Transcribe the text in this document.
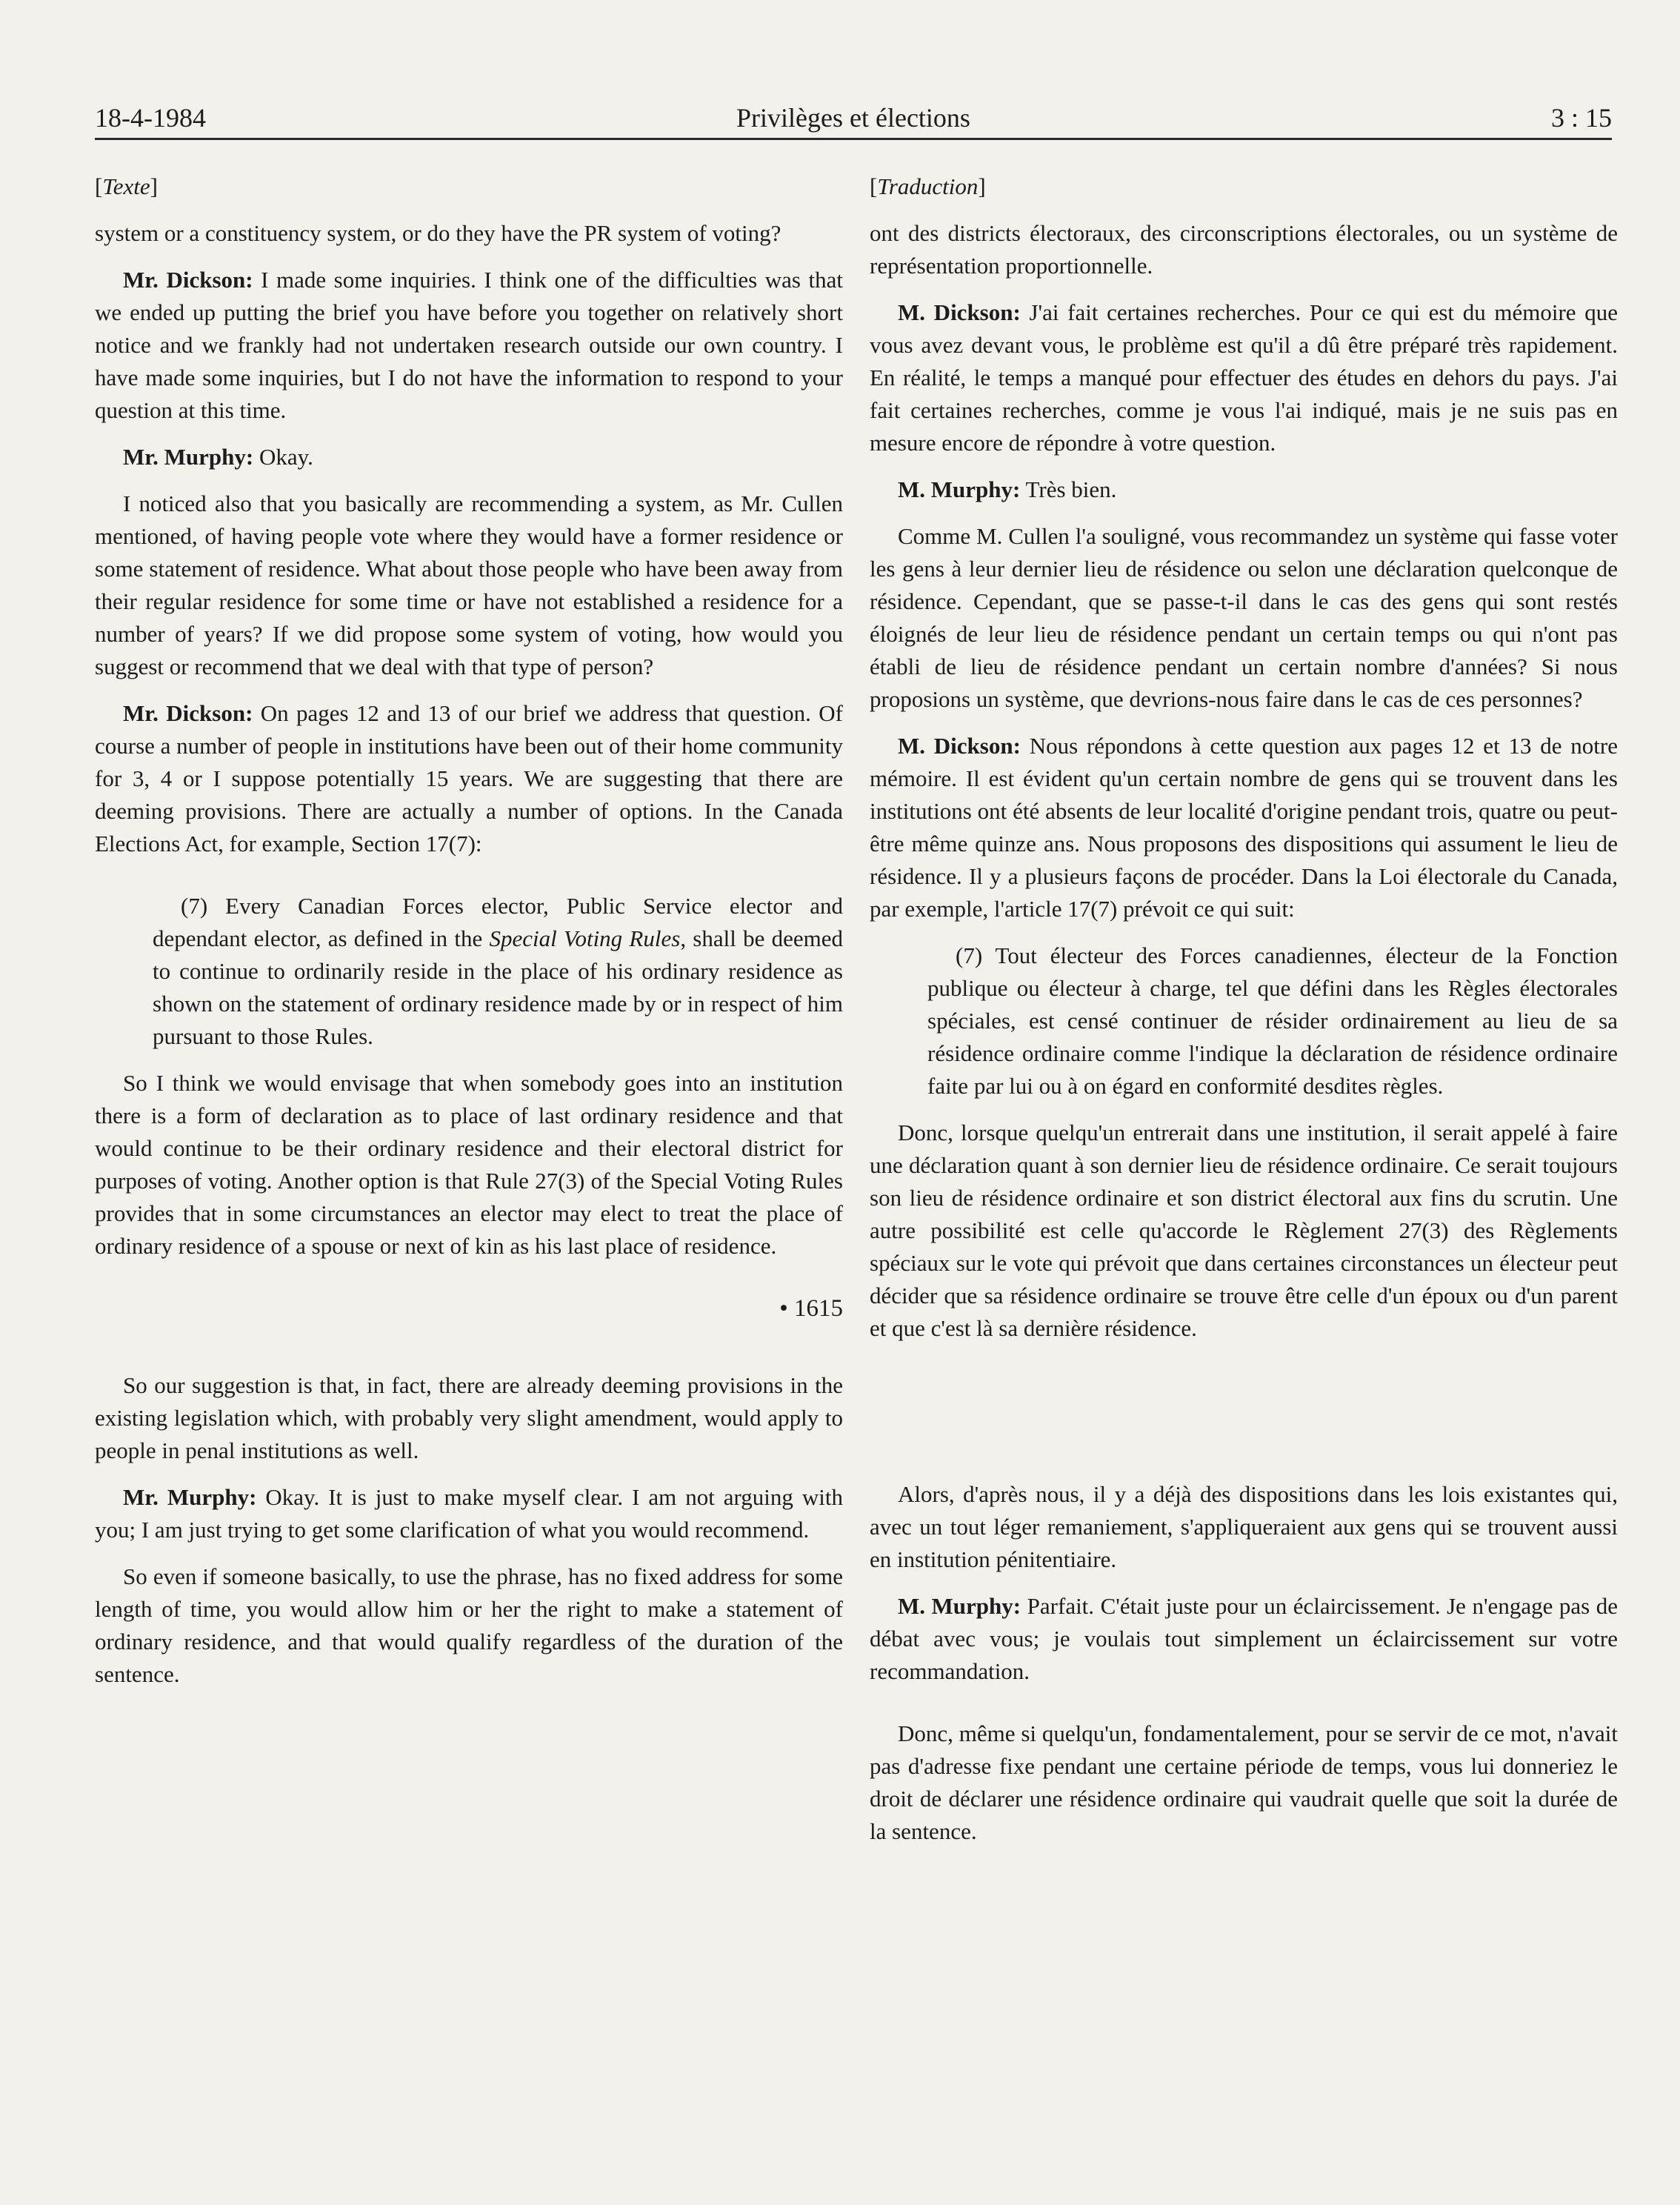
18-4-1984	Privilèges et élections	3 : 15

[Texte]

system or a constituency system, or do they have the PR system of voting?

Mr. Dickson: I made some inquiries. I think one of the difficulties was that we ended up putting the brief you have before you together on relatively short notice and we frankly had not undertaken research outside our own country. I have made some inquiries, but I do not have the information to respond to your question at this time.

Mr. Murphy: Okay.

I noticed also that you basically are recommending a system, as Mr. Cullen mentioned, of having people vote where they would have a former residence or some statement of residence. What about those people who have been away from their regular residence for some time or have not established a residence for a number of years? If we did propose some system of voting, how would you suggest or recommend that we deal with that type of person?

Mr. Dickson: On pages 12 and 13 of our brief we address that question. Of course a number of people in institutions have been out of their home community for 3, 4 or I suppose potentially 15 years. We are suggesting that there are deeming provisions. There are actually a number of options. In the Canada Elections Act, for example, Section 17(7):

(7) Every Canadian Forces elector, Public Service elector and dependant elector, as defined in the Special Voting Rules, shall be deemed to continue to ordinarily reside in the place of his ordinary residence as shown on the statement of ordinary residence made by or in respect of him pursuant to those Rules.

So I think we would envisage that when somebody goes into an institution there is a form of declaration as to place of last ordinary residence and that would continue to be their ordinary residence and their electoral district for purposes of voting. Another option is that Rule 27(3) of the Special Voting Rules provides that in some circumstances an elector may elect to treat the place of ordinary residence of a spouse or next of kin as his last place of residence.

• 1615

So our suggestion is that, in fact, there are already deeming provisions in the existing legislation which, with probably very slight amendment, would apply to people in penal institutions as well.

Mr. Murphy: Okay. It is just to make myself clear. I am not arguing with you; I am just trying to get some clarification of what you would recommend.

So even if someone basically, to use the phrase, has no fixed address for some length of time, you would allow him or her the right to make a statement of ordinary residence, and that would qualify regardless of the duration of the sentence.

[Traduction]

ont des districts électoraux, des circonscriptions électorales, ou un système de représentation proportionnelle.

M. Dickson: J'ai fait certaines recherches. Pour ce qui est du mémoire que vous avez devant vous, le problème est qu'il a dû être préparé très rapidement. En réalité, le temps a manqué pour effectuer des études en dehors du pays. J'ai fait certaines recherches, comme je vous l'ai indiqué, mais je ne suis pas en mesure encore de répondre à votre question.

M. Murphy: Très bien.

Comme M. Cullen l'a souligné, vous recommandez un système qui fasse voter les gens à leur dernier lieu de résidence ou selon une déclaration quelconque de résidence. Cependant, que se passe-t-il dans le cas des gens qui sont restés éloignés de leur lieu de résidence pendant un certain temps ou qui n'ont pas établi de lieu de résidence pendant un certain nombre d'années? Si nous proposions un système, que devrions-nous faire dans le cas de ces personnes?

M. Dickson: Nous répondons à cette question aux pages 12 et 13 de notre mémoire. Il est évident qu'un certain nombre de gens qui se trouvent dans les institutions ont été absents de leur localité d'origine pendant trois, quatre ou peut-être même quinze ans. Nous proposons des dispositions qui assument le lieu de résidence. Il y a plusieurs façons de procéder. Dans la Loi électorale du Canada, par exemple, l'article 17(7) prévoit ce qui suit:

(7) Tout électeur des Forces canadiennes, électeur de la Fonction publique ou électeur à charge, tel que défini dans les Règles électorales spéciales, est censé continuer de résider ordinairement au lieu de sa résidence ordinaire comme l'indique la déclaration de résidence ordinaire faite par lui ou à on égard en conformité desdites règles.

Donc, lorsque quelqu'un entrerait dans une institution, il serait appelé à faire une déclaration quant à son dernier lieu de résidence ordinaire. Ce serait toujours son lieu de résidence ordinaire et son district électoral aux fins du scrutin. Une autre possibilité est celle qu'accorde le Règlement 27(3) des Règlements spéciaux sur le vote qui prévoit que dans certaines circonstances un électeur peut décider que sa résidence ordinaire se trouve être celle d'un époux ou d'un parent et que c'est là sa dernière résidence.

Alors, d'après nous, il y a déjà des dispositions dans les lois existantes qui, avec un tout léger remaniement, s'appliqueraient aux gens qui se trouvent aussi en institution pénitentiaire.

M. Murphy: Parfait. C'était juste pour un éclaircissement. Je n'engage pas de débat avec vous; je voulais tout simplement un éclaircissement sur votre recommandation.

Donc, même si quelqu'un, fondamentalement, pour se servir de ce mot, n'avait pas d'adresse fixe pendant une certaine période de temps, vous lui donneriez le droit de déclarer une résidence ordinaire qui vaudrait quelle que soit la durée de la sentence.
